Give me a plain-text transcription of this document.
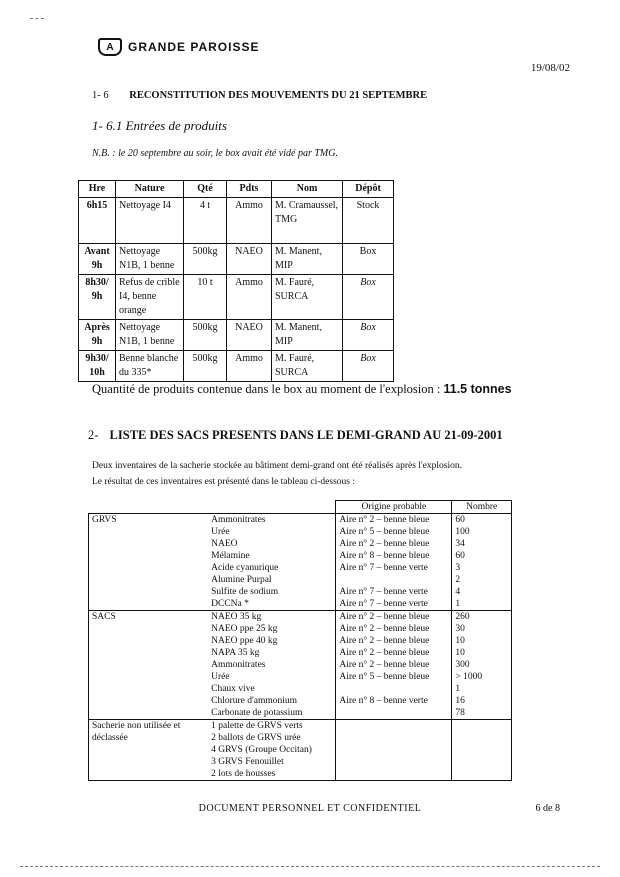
A	GRANDE PAROISSE
19/08/02
1- 6 RECONSTITUTION DES MOUVEMENTS DU 21 SEPTEMBRE
1- 6.1 Entrées de produits
N.B. : le 20 septembre au soir, le box avait été vidé par TMG.
Hre	Nature	Qté	Pdts	Nom	Dépôt
6h15	Nettoyage I4	4 t	Ammo	M. Cramaussel, TMG	Stock
Avant 9h	Nettoyage N1B, 1 benne	500kg	NAEO	M. Manent, MIP	Box
8h30/ 9h	Refus de crible I4, benne orange	10 t	Ammo	M. Fauré, SURCA	Box
Après 9h	Nettoyage N1B, 1 benne	500kg	NAEO	M. Manent, MIP	Box
9h30/ 10h	Benne blanche du 335*	500kg	Ammo	M. Fauré, SURCA	Box
Quantité de produits contenue dans le box au moment de l'explosion : 11.5 tonnes
2- LISTE DES SACS PRESENTS DANS LE DEMI-GRAND AU 21-09-2001
Deux inventaires de la sacherie stockée au bâtiment demi-grand ont été réalisés après l'explosion.
Le résultat de ces inventaires est présenté dans le tableau ci-dessous :
		Origine probable	Nombre
GRVS	Ammonitrates	Aire n° 2 – benne bleue	60
	Urée	Aire n° 5 – benne bleue	100
	NAEO	Aire n° 2 – benne bleue	34
	Mélamine	Aire n° 8 – benne bleue	60
	Acide cyanurique	Aire n° 7 – benne verte	3
	Alumine Purpal		2
	Sulfite de sodium	Aire n° 7 – benne verte	4
	DCCNa *	Aire n° 7 – benne verte	1
SACS	NAEO 35 kg	Aire n° 2 – benne bleue	260
	NAEO ppe 25 kg	Aire n° 2 – benne bleue	30
	NAEO ppe 40 kg	Aire n° 2 – benne bleue	10
	NAPA 35 kg	Aire n° 2 – benne bleue	10
	Ammonitrates	Aire n° 2 – benne bleue	300
	Urée	Aire n° 5 – benne bleue	> 1000
	Chaux vive		1
	Chlorure d'ammonium	Aire n° 8 – benne verte	16
	Carbonate de potassium		78
Sacherie non utilisée et déclassée	1 palette de GRVS verts		
	2 ballots de GRVS urée		
	4 GRVS (Groupe Occitan)		
	3 GRVS Fenouillet		
	2 lots de housses		
DOCUMENT PERSONNEL ET CONFIDENTIEL	6 de 8
